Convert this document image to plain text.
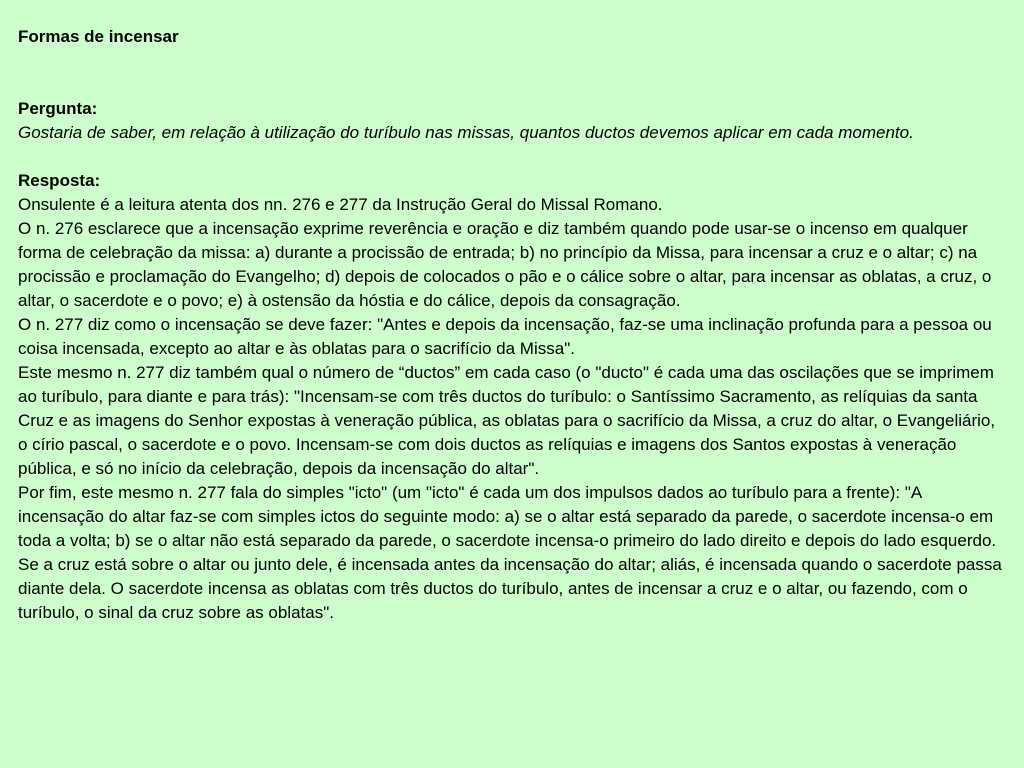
Formas de incensar
Pergunta:
Gostaria de saber, em relação à utilização do turíbulo nas missas, quantos ductos devemos aplicar em cada momento.
Resposta:

Onsulente é a leitura atenta dos nn. 276 e 277 da Instrução Geral do Missal Romano.

O n. 276 esclarece que a incensação exprime reverência e oração e diz também quando pode usar-se o incenso em qualquer forma de celebração da missa: a) durante a procissão de entrada; b) no princípio da Missa, para incensar a cruz e o altar; c) na procissão e proclamação do Evangelho; d) depois de colocados o pão e o cálice sobre o altar, para incensar as oblatas, a cruz, o altar, o sacerdote e o povo; e) à ostensão da hóstia e do cálice, depois da consagração.

O n. 277 diz como o incensação se deve fazer: "Antes e depois da incensação, faz-se uma inclinação profunda para a pessoa ou coisa incensada, excepto ao altar e às oblatas para o sacrifício da Missa".

Este mesmo n. 277 diz também qual o número de “ductos” em cada caso (o "ducto" é cada uma das oscilações que se imprimem ao turíbulo, para diante e para trás): "Incensam-se com três ductos do turíbulo: o Santíssimo Sacramento, as relíquias da santa Cruz e as imagens do Senhor expostas à veneração pública, as oblatas para o sacrifício da Missa, a cruz do altar, o Evangeliário, o círio pascal, o sacerdote e o povo. Incensam-se com dois ductos as relíquias e imagens dos Santos expostas à veneração pública, e só no início da celebração, depois da incensação do altar".

Por fim, este mesmo n. 277 fala do simples "icto" (um "icto" é cada um dos impulsos dados ao turíbulo para a frente): "A incensação do altar faz-se com simples ictos do seguinte modo: a) se o altar está separado da parede, o sacerdote incensa-o em toda a volta; b) se o altar não está separado da parede, o sacerdote incensa-o primeiro do lado direito e depois do lado esquerdo. Se a cruz está sobre o altar ou junto dele, é incensada antes da incensação do altar; aliás, é incensada quando o sacerdote passa diante dela. O sacerdote incensa as oblatas com três ductos do turíbulo, antes de incensar a cruz e o altar, ou fazendo, com o turíbulo, o sinal da cruz sobre as oblatas".
